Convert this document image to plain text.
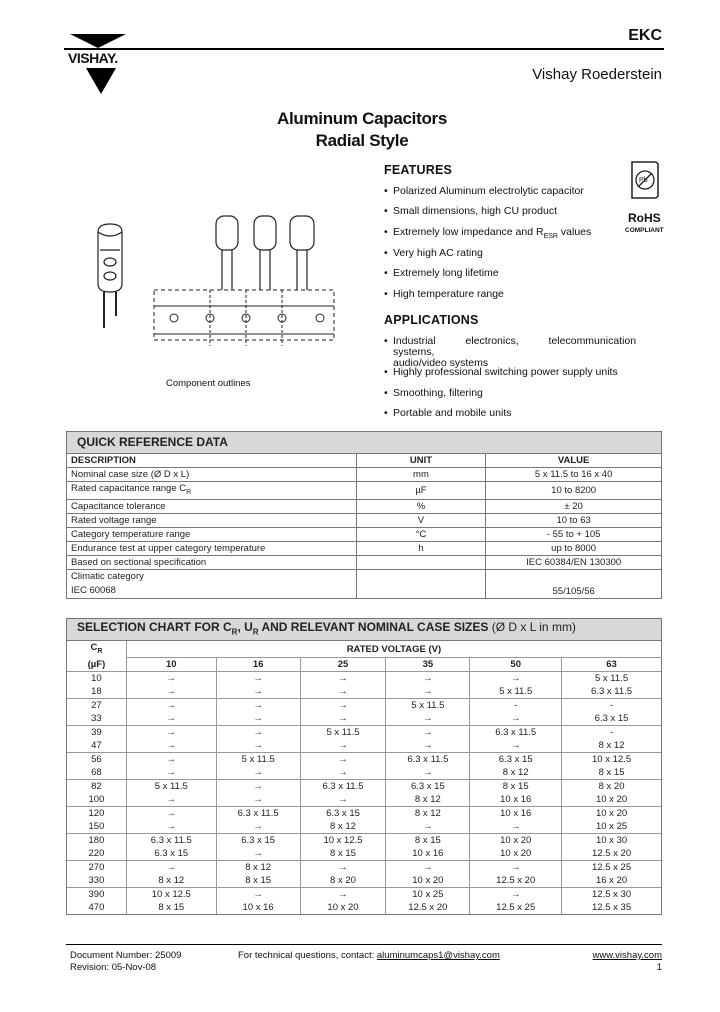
VISHAY.
EKC
Vishay Roederstein
Aluminum Capacitors
Radial Style
Component outlines
FEATURES
• Polarized Aluminum electrolytic capacitor
• Small dimensions, high CU product
• Extremely low impedance and $R_{ESR}$ values
• Very high AC rating
• Extremely long lifetime
• High temperature range
Pb
RoHS
COMPLIANT
APPLICATIONS
• Industrial electronics, telecommunication systems,
audio/video systems
• Highly professional switching power supply units
• Smoothing, filtering
• Portable and mobile units
QUICK REFERENCE DATA		
DESCRIPTION	UNIT	VALUE
Nominal case size (Ø D x L)	mm	5 x 11.5 to 16 x 40
Rated capacitance range $C_R$	µF	10 to 8200
Capacitance tolerance	%	± 20
Rated voltage range	V	10 to 63
Category temperature range	°C	- 55 to + 105
Endurance test at upper category temperature	h	up to 8000
Based on sectional specification		IEC 60384/EN 130300
Climatic category
IEC 60068		55/105/56
SELECTION CHART FOR $C_R$, $U_R$ AND RELEVANT NOMINAL CASE SIZES (Ø D x L in mm)						
$C_R$	RATED VOLTAGE (V)					
(µF)	10	16	25	35	50	63
10	→	→	→	→	→	5 x 11.5
18	→	→	→	→	5 x 11.5	6.3 x 11.5
27	→	→	→	5 x 11.5	-	-
33	→	→	→	→	→	6.3 x 15
39	→	→	5 x 11.5	→	6.3 x 11.5	-
47	→	→	→	→	→	8 x 12
56	→	5 x 11.5	→	6.3 x 11.5	6.3 x 15	10 x 12.5
68	→	→	→	→	8 x 12	8 x 15
82	5 x 11.5	→	6.3 x 11.5	6.3 x 15	8 x 15	8 x 20
100	→	→	→	8 x 12	10 x 16	10 x 20
120	→	6.3 x 11.5	6.3 x 15	8 x 12	10 x 16	10 x 20
150	→	→	8 x 12	→	→	10 x 25
180	6.3 x 11.5	6.3 x 15	10 x 12.5	8 x 15	10 x 20	10 x 30
220	6.3 x 15	→	8 x 15	10 x 16	10 x 20	12.5 x 20
270	→	8 x 12	→	→	→	12.5 x 25
330	8 x 12	8 x 15	8 x 20	10 x 20	12.5 x 20	16 x 20
390	10 x 12.5	→	→	10 x 25	→	12.5 x 30
470	8 x 15	10 x 16	10 x 20	12.5 x 20	12.5 x 25	12.5 x 35
Document Number: 25009
Revision: 05-Nov-08
For technical questions, contact: aluminumcaps1@vishay.com	www.vishay.com
1
